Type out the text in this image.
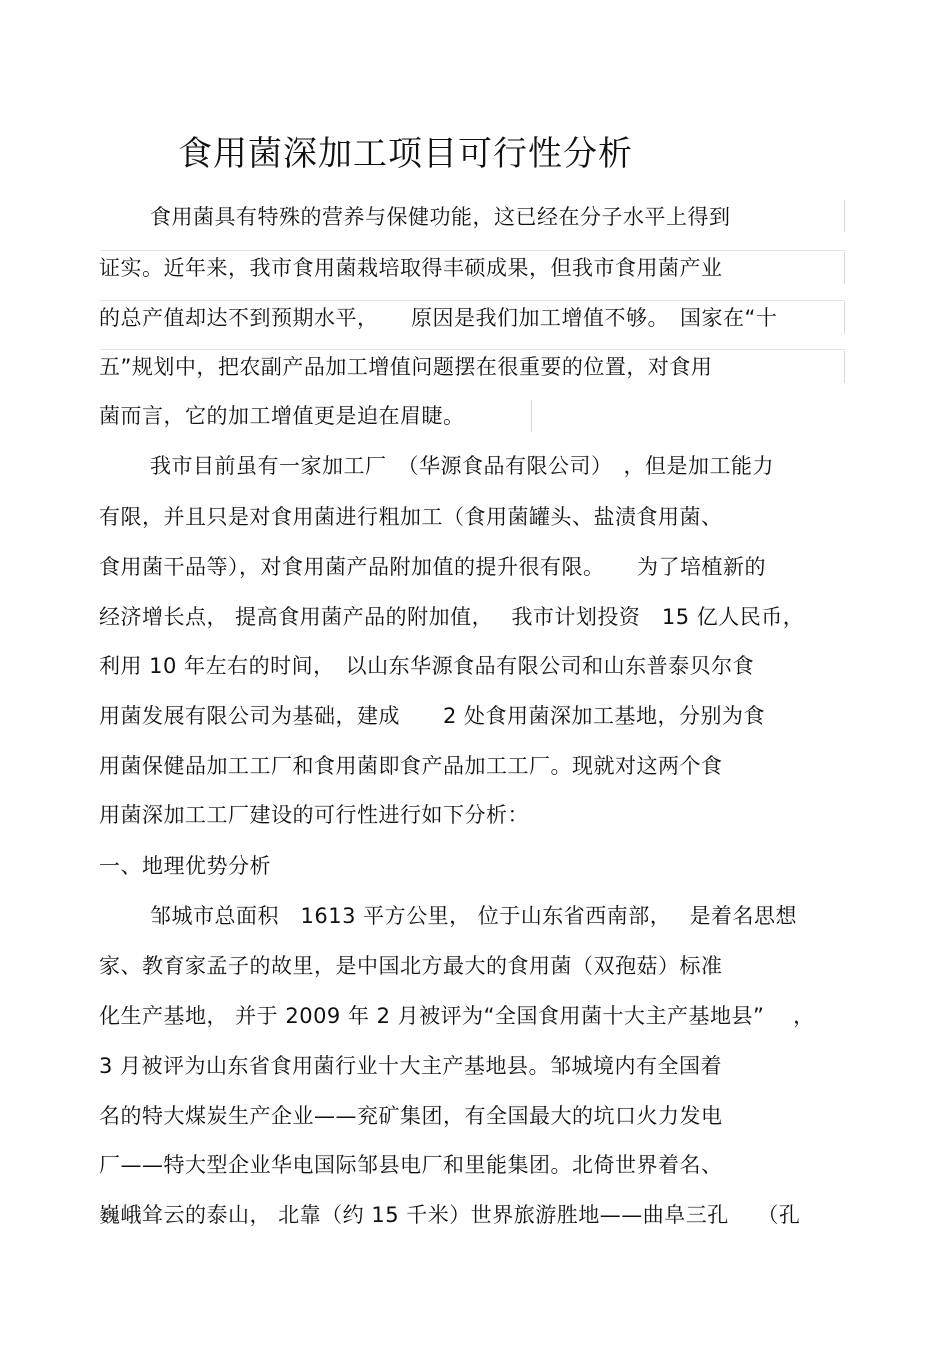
食用菌深加工项目可行性分析
食用菌具有特殊的营养与保健功能，这已经在分子水平上得到
证实。近年来，我市食用菌栽培取得丰硕成果，但我市食用菌产业
的总产值却达不到预期水平，　　原因是我们加工增值不够。　国家在“十
五”规划中，把农副产品加工增值问题摆在很重要的位置，对食用
菌而言，它的加工增值更是迫在眉睫。
我市目前虽有一家加工厂　（华源食品有限公司）　，但是加工能力
有限，并且只是对食用菌进行粗加工（食用菌罐头、盐渍食用菌、
食用菌干品等），对食用菌产品附加值的提升很有限。　　为了培植新的
经济增长点， 提高食用菌产品的附加值，　 我市计划投资　15 亿人民币，
利用 10 年左右的时间，　以山东华源食品有限公司和山东普泰贝尔食
用菌发展有限公司为基础，建成　　2 处食用菌深加工基地，分别为食
用菌保健品加工工厂和食用菌即食产品加工工厂。现就对这两个食
用菌深加工工厂建设的可行性进行如下分析：
一、地理优势分析
邹城市总面积　1613 平方公里， 位于山东省西南部，　 是着名思想
家、教育家孟子的故里，是中国北方最大的食用菌（双孢菇）标准
化生产基地， 并于 2009 年 2 月被评为“全国食用菌十大主产基地县”　 ，
3 月被评为山东省食用菌行业十大主产基地县。邹城境内有全国着
名的特大煤炭生产企业——兖矿集团，有全国最大的坑口火力发电
厂——特大型企业华电国际邹县电厂和里能集团。北倚世界着名、
巍峨耸云的泰山， 北靠（约 15 千米）世界旅游胜地——曲阜三孔　 （孔
